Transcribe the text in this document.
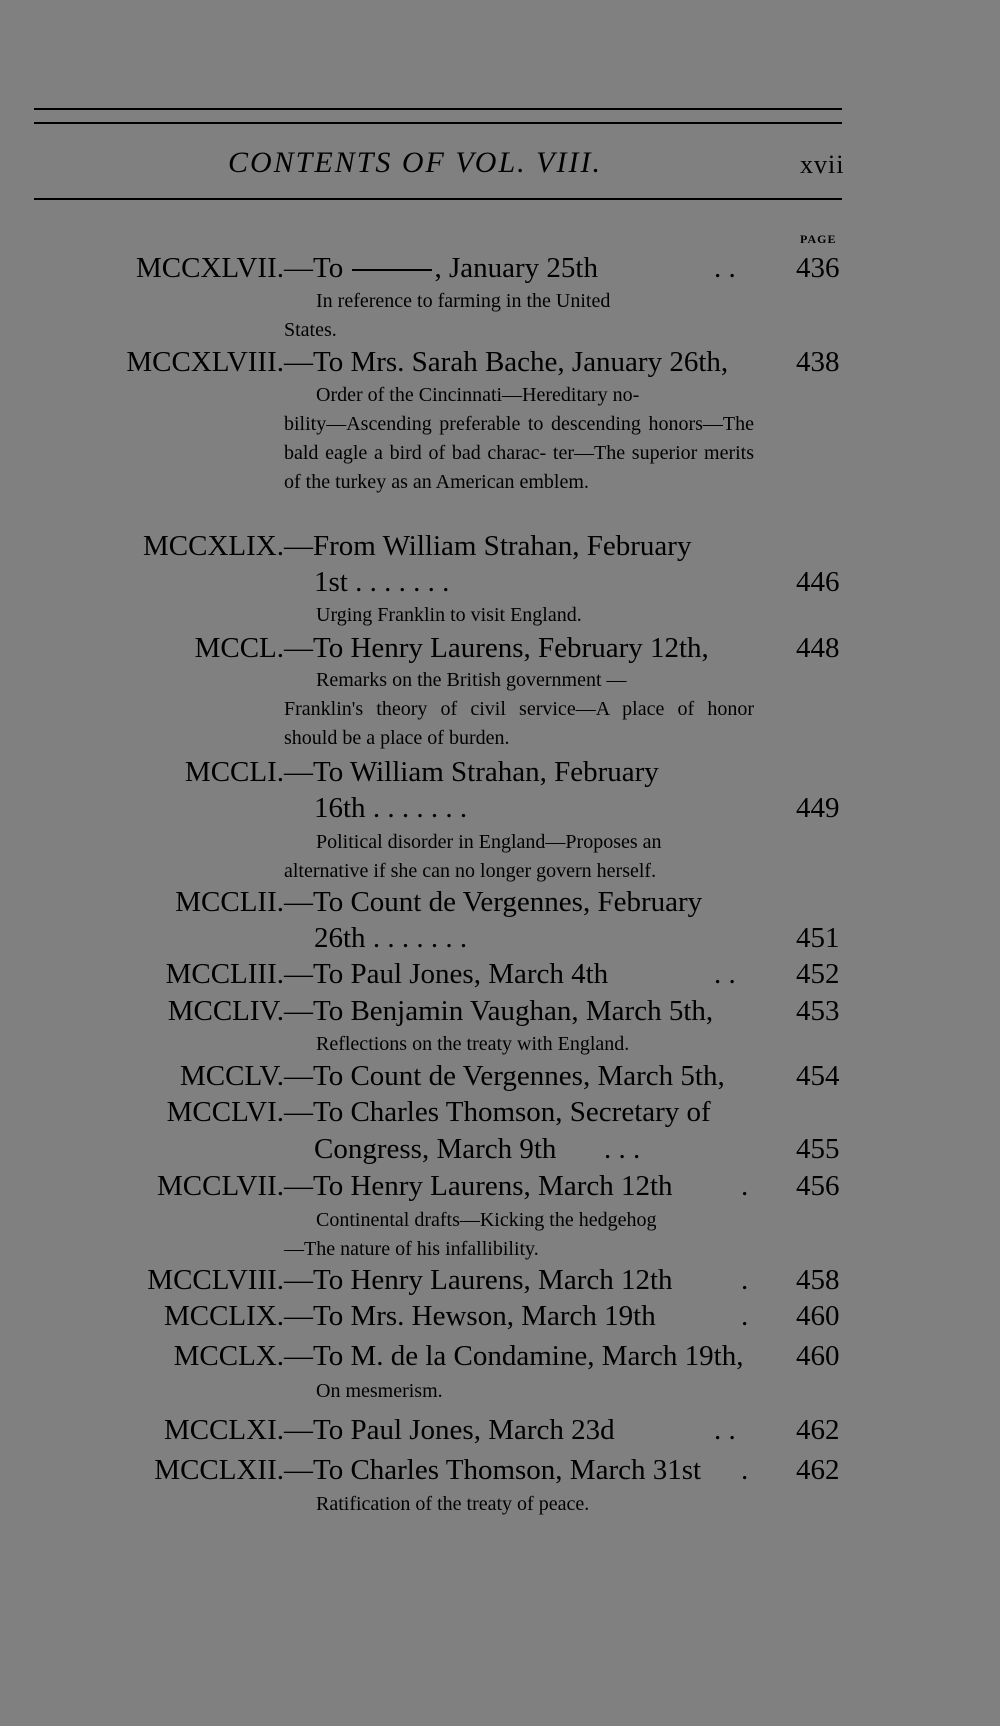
CONTENTS OF VOL. VIII.	xvii
PAGE
MCCXLVII. —To	, January 25th	. . 436
In reference to farming in the United
States.
MCCXLVIII. —To Mrs. Sarah Bache, January 26th,	438
Order of the Cincinnati—Hereditary no-
bility—Ascending preferable to descending honors—The bald eagle a bird of bad charac- ter—The superior merits of the turkey as an American emblem.
MCCXLIX. —From William Strahan, February
1st . . . . . . .	446
Urging Franklin to visit England.
MCCL. —To Henry Laurens, February 12th,	448
Remarks on the British government —
Franklin's theory of civil service—A place of honor should be a place of burden.
MCCLI. —To William Strahan, February
16th . . . . . . .	449
Political disorder in England—Proposes an
alternative if she can no longer govern herself.
MCCLII. —To Count de Vergennes, February
26th . . . . . . .	451
MCCLIII. —To Paul Jones, March 4th	. . 452
MCCLIV. —To Benjamin Vaughan, March 5th,	453
Reflections on the treaty with England.
MCCLV. —To Count de Vergennes, March 5th,	454
MCCLVI. —To Charles Thomson, Secretary of
Congress, March 9th . . .	455
MCCLVII. —To Henry Laurens, March 12th . 456
Continental drafts—Kicking the hedgehog
—The nature of his infallibility.
MCCLVIII. —To Henry Laurens, March 12th . 458
MCCLIX. —To Mrs. Hewson, March 19th	. 460
MCCLX. —To M. de la Condamine, March 19th,	460
On mesmerism.
MCCLXI. —To Paul Jones, March 23d	. . 462
MCCLXII. —To Charles Thomson, March 31st . 462
Ratification of the treaty of peace.
